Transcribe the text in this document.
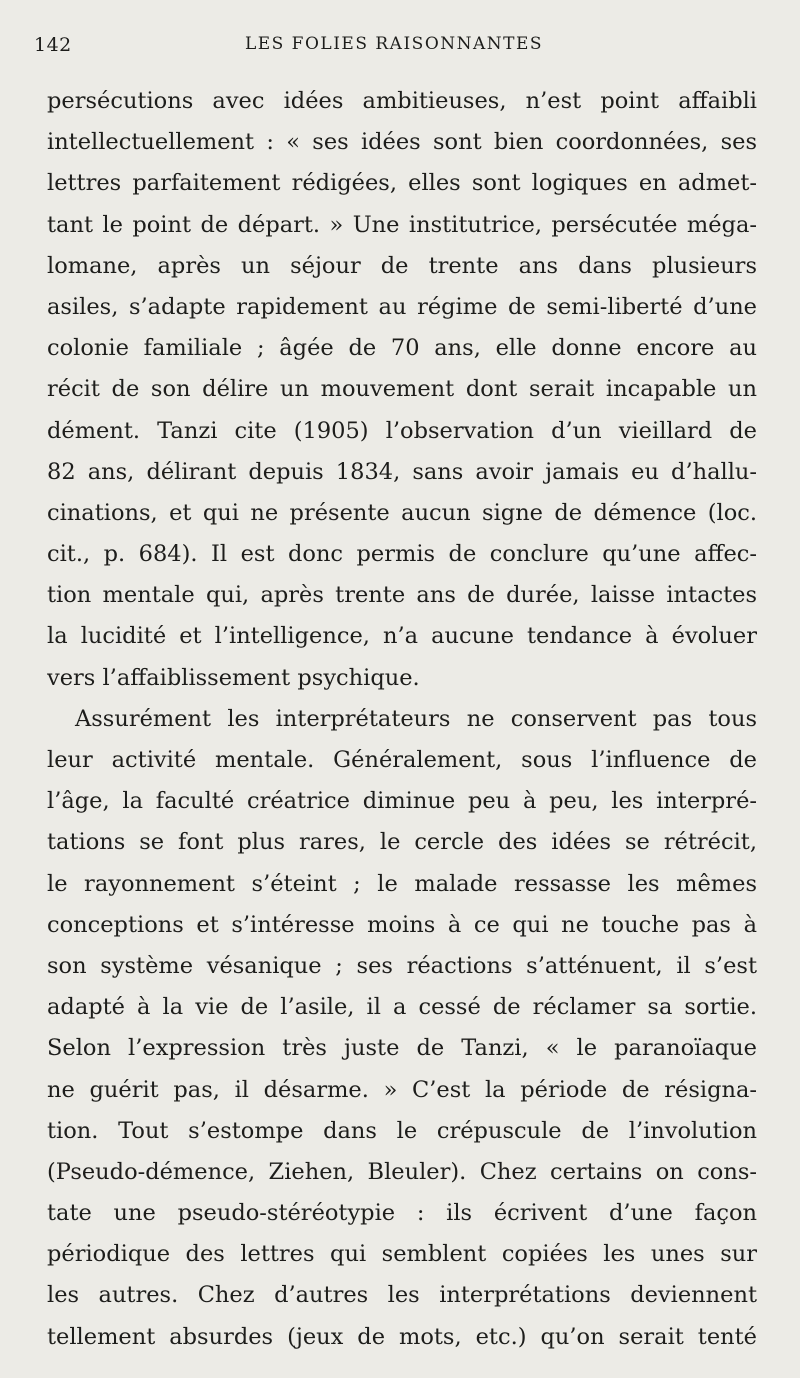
142	LES FOLIES RAISONNANTES
persécutions avec idées ambitieuses, n’est point affaibli
intellectuellement : « ses idées sont bien coordonnées, ses
lettres parfaitement rédigées, elles sont logiques en admet-
tant le point de départ. » Une institutrice, persécutée méga-
lomane, après un séjour de trente ans dans plusieurs
asiles, s’adapte rapidement au régime de semi-liberté d’une
colonie familiale ; âgée de 70 ans, elle donne encore au
récit de son délire un mouvement dont serait incapable un
dément. Tanzi cite (1905) l’observation d’un vieillard de
82 ans, délirant depuis 1834, sans avoir jamais eu d’hallu-
cinations, et qui ne présente aucun signe de démence (loc.
cit., p. 684). Il est donc permis de conclure qu’une affec-
tion mentale qui, après trente ans de durée, laisse intactes
la lucidité et l’intelligence, n’a aucune tendance à évoluer
vers l’affaiblissement psychique.
Assurément les interprétateurs ne conservent pas tous
leur activité mentale. Généralement, sous l’influence de
l’âge, la faculté créatrice diminue peu à peu, les interpré-
tations se font plus rares, le cercle des idées se rétrécit,
le rayonnement s’éteint ; le malade ressasse les mêmes
conceptions et s’intéresse moins à ce qui ne touche pas à
son système vésanique ; ses réactions s’atténuent, il s’est
adapté à la vie de l’asile, il a cessé de réclamer sa sortie.
Selon l’expression très juste de Tanzi, « le paranoïaque
ne guérit pas, il désarme. » C’est la période de résigna-
tion. Tout s’estompe dans le crépuscule de l’involution
(Pseudo-démence, Ziehen, Bleuler). Chez certains on cons-
tate une pseudo-stéréotypie : ils écrivent d’une façon
périodique des lettres qui semblent copiées les unes sur
les autres. Chez d’autres les interprétations deviennent
tellement absurdes (jeux de mots, etc.) qu’on serait tenté
